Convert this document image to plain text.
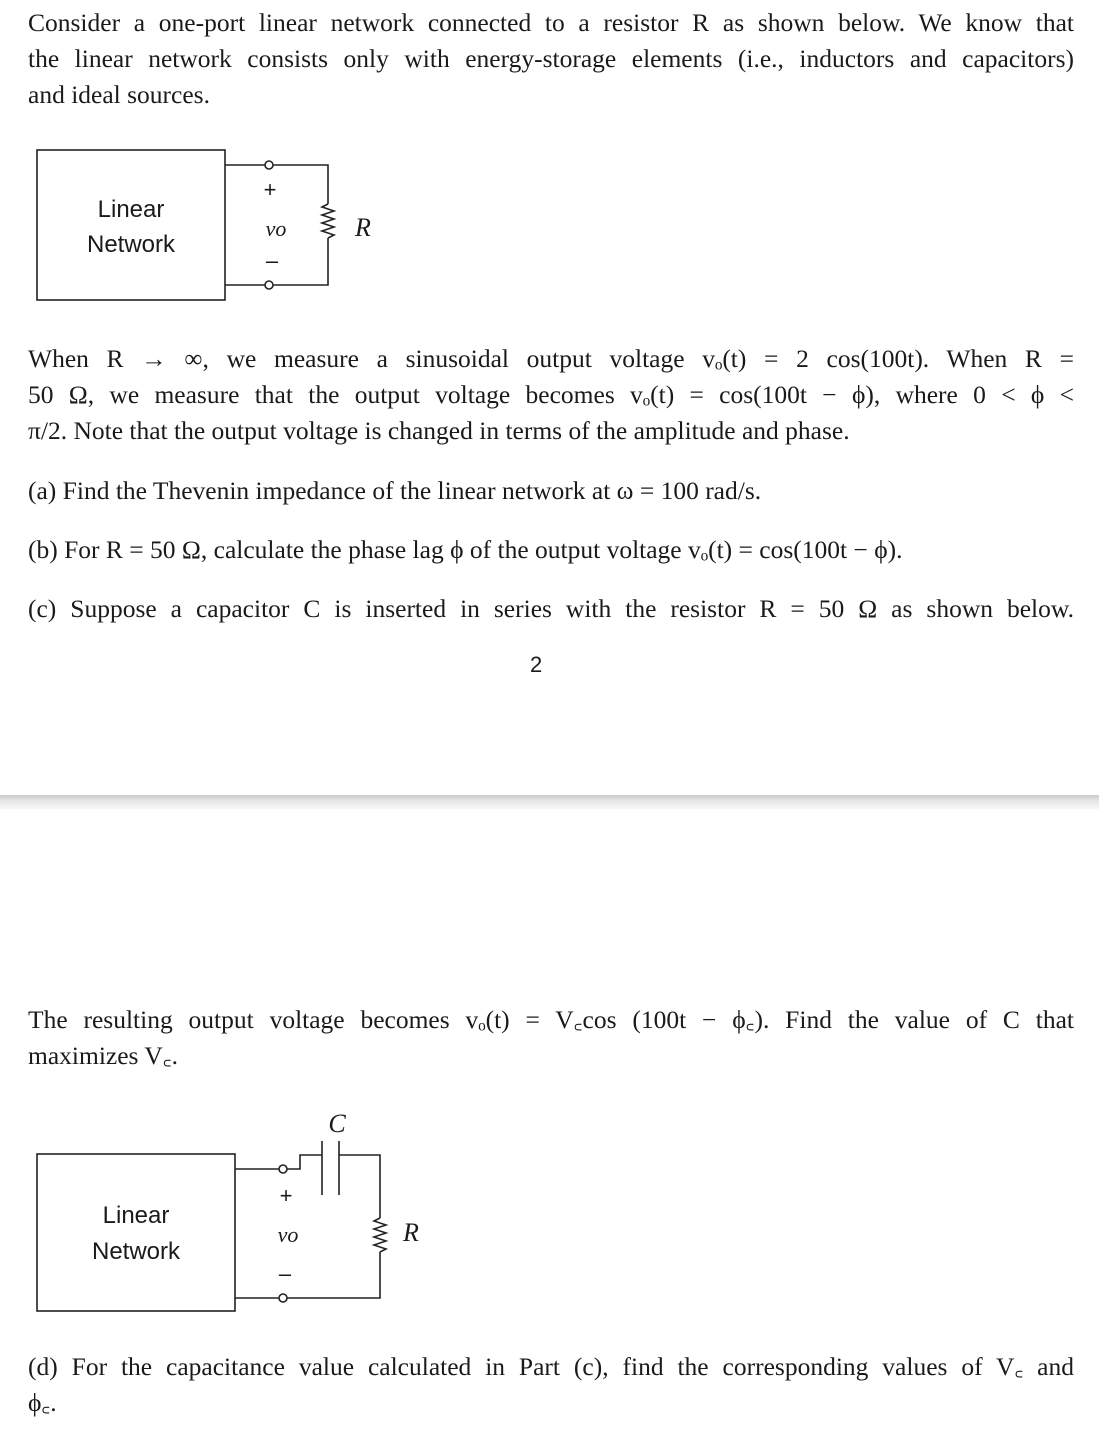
Consider a one-port linear network connected to a resistor R as shown below. We know that
the linear network consists only with energy-storage elements (i.e., inductors and capacitors)
and ideal sources.
Linear
Network
+
vo
–
R
When R → ∞, we measure a sinusoidal output voltage vₒ(t) = 2 cos(100t). When R =
50 Ω, we measure that the output voltage becomes vₒ(t) = cos(100t − ϕ), where 0 < ϕ <
π/2. Note that the output voltage is changed in terms of the amplitude and phase.
(a) Find the Thevenin impedance of the linear network at ω = 100 rad/s.
(b) For R = 50 Ω, calculate the phase lag ϕ of the output voltage vₒ(t) = cos(100t − ϕ).
(c) Suppose a capacitor C is inserted in series with the resistor R = 50 Ω as shown below.
2
The resulting output voltage becomes vₒ(t) = V꜀cos (100t − ϕ꜀). Find the value of C that
maximizes V꜀.
C
Linear
Network
+
vo
–
R
(d) For the capacitance value calculated in Part (c), find the corresponding values of V꜀ and
ϕ꜀.
